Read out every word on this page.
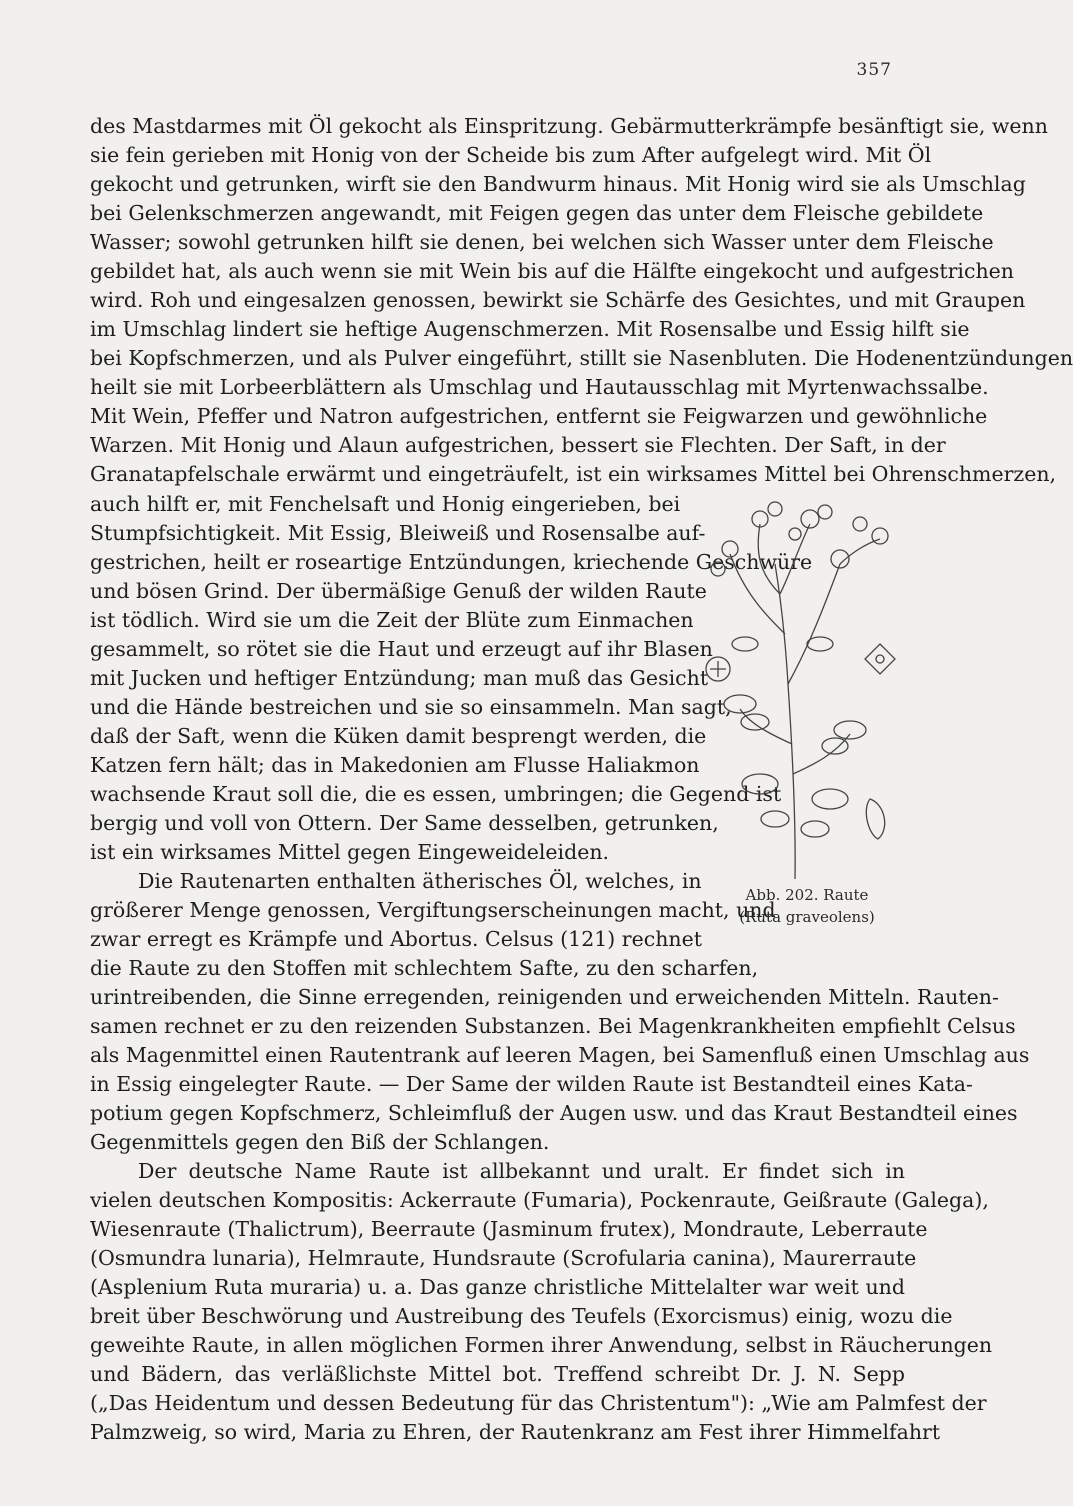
357
des Mastdarmes mit Öl gekocht als Einspritzung. Gebärmutterkrämpfe besänftigt sie, wenn
sie fein gerieben mit Honig von der Scheide bis zum After aufgelegt wird. Mit Öl
gekocht und getrunken, wirft sie den Bandwurm hinaus. Mit Honig wird sie als Umschlag
bei Gelenkschmerzen angewandt, mit Feigen gegen das unter dem Fleische gebildete
Wasser; sowohl getrunken hilft sie denen, bei welchen sich Wasser unter dem Fleische
gebildet hat, als auch wenn sie mit Wein bis auf die Hälfte eingekocht und aufgestrichen
wird. Roh und eingesalzen genossen, bewirkt sie Schärfe des Gesichtes, und mit Graupen
im Umschlag lindert sie heftige Augenschmerzen. Mit Rosensalbe und Essig hilft sie
bei Kopfschmerzen, und als Pulver eingeführt, stillt sie Nasenbluten. Die Hodenentzündungen
heilt sie mit Lorbeerblättern als Umschlag und Hautausschlag mit Myrtenwachssalbe.
Mit Wein, Pfeffer und Natron aufgestrichen, entfernt sie Feigwarzen und gewöhnliche
Warzen. Mit Honig und Alaun aufgestrichen, bessert sie Flechten. Der Saft, in der
Granatapfelschale erwärmt und eingeträufelt, ist ein wirksames Mittel bei Ohrenschmerzen,
auch hilft er, mit Fenchelsaft und Honig eingerieben, bei
Stumpfsichtigkeit. Mit Essig, Bleiweiß und Rosensalbe auf-
gestrichen, heilt er roseartige Entzündungen, kriechende Geschwüre
und bösen Grind. Der übermäßige Genuß der wilden Raute
ist tödlich. Wird sie um die Zeit der Blüte zum Einmachen
gesammelt, so rötet sie die Haut und erzeugt auf ihr Blasen
mit Jucken und heftiger Entzündung; man muß das Gesicht
und die Hände bestreichen und sie so einsammeln. Man sagt,
daß der Saft, wenn die Küken damit besprengt werden, die
Katzen fern hält; das in Makedonien am Flusse Haliakmon
wachsende Kraut soll die, die es essen, umbringen; die Gegend ist
bergig und voll von Ottern. Der Same desselben, getrunken,
ist ein wirksames Mittel gegen Eingeweideleiden.
Die Rautenarten enthalten ätherisches Öl, welches, in
größerer Menge genossen, Vergiftungserscheinungen macht, und
zwar erregt es Krämpfe und Abortus. Celsus (121) rechnet
Abb. 202. Raute
(Ruta graveolens)
die Raute zu den Stoffen mit schlechtem Safte, zu den scharfen,
urintreibenden, die Sinne erregenden, reinigenden und erweichenden Mitteln. Rauten-
samen rechnet er zu den reizenden Substanzen. Bei Magenkrankheiten empfiehlt Celsus
als Magenmittel einen Rautentrank auf leeren Magen, bei Samenfluß einen Umschlag aus
in Essig eingelegter Raute. — Der Same der wilden Raute ist Bestandteil eines Kata-
potium gegen Kopfschmerz, Schleimfluß der Augen usw. und das Kraut Bestandteil eines
Gegenmittels gegen den Biß der Schlangen.
Der deutsche Name Raute ist allbekannt und uralt. Er findet sich in
vielen deutschen Kompositis: Ackerraute (Fumaria), Pockenraute, Geißraute (Galega),
Wiesenraute (Thalictrum), Beerraute (Jasminum frutex), Mondraute, Leberraute
(Osmundra lunaria), Helmraute, Hundsraute (Scrofularia canina), Maurerraute
(Asplenium Ruta muraria) u. a. Das ganze christliche Mittelalter war weit und
breit über Beschwörung und Austreibung des Teufels (Exorcismus) einig, wozu die
geweihte Raute, in allen möglichen Formen ihrer Anwendung, selbst in Räucherungen
und Bädern, das verläßlichste Mittel bot. Treffend schreibt Dr. J. N. Sepp
(„Das Heidentum und dessen Bedeutung für das Christentum"): „Wie am Palmfest der
Palmzweig, so wird, Maria zu Ehren, der Rautenkranz am Fest ihrer Himmelfahrt
